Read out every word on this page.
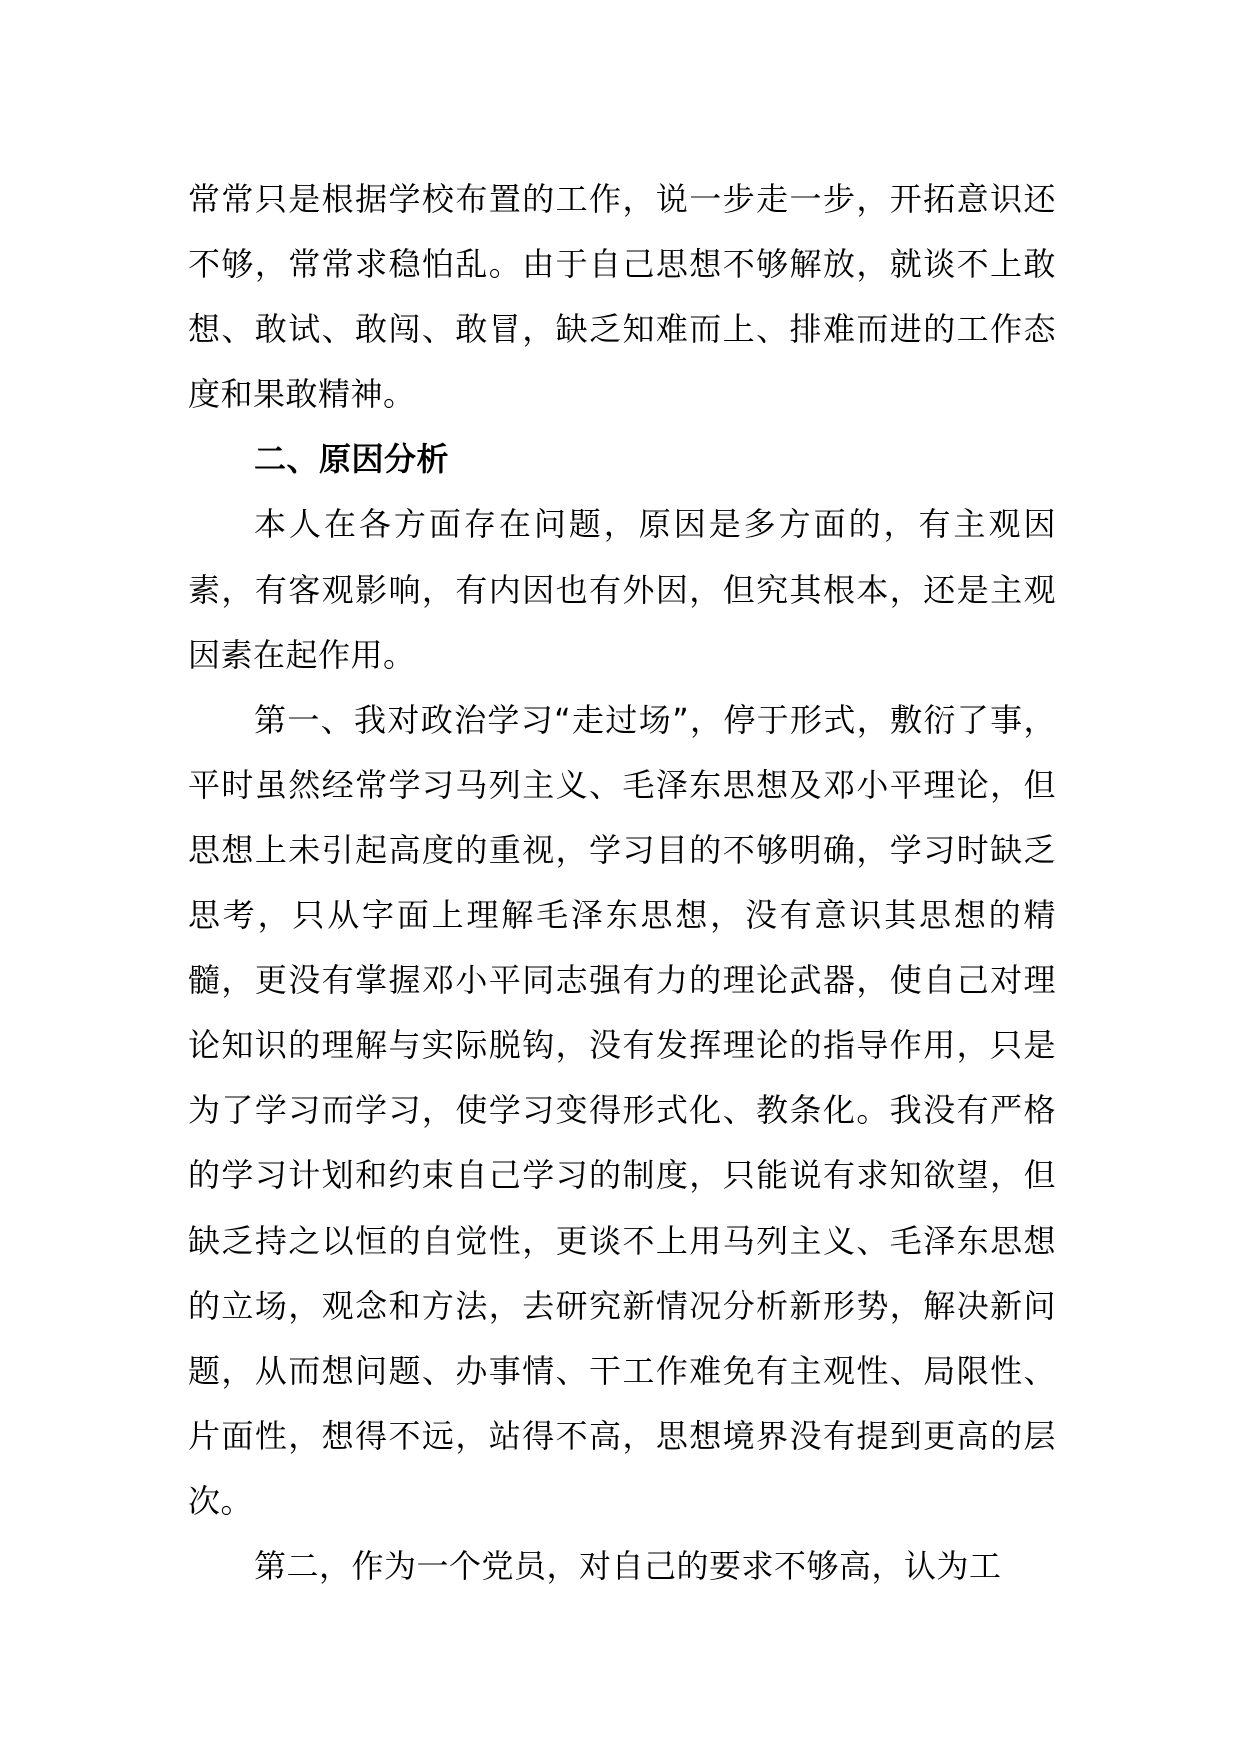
常常只是根据学校布置的工作，说一步走一步，开拓意识还不够，常常求稳怕乱。由于自己思想不够解放，就谈不上敢想、敢试、敢闯、敢冒，缺乏知难而上、排难而进的工作态度和果敢精神。

二、原因分析

本人在各方面存在问题，原因是多方面的，有主观因素，有客观影响，有内因也有外因，但究其根本，还是主观因素在起作用。

第一、我对政治学习“走过场”，停于形式，敷衍了事，平时虽然经常学习马列主义、毛泽东思想及邓小平理论，但思想上未引起高度的重视，学习目的不够明确，学习时缺乏思考，只从字面上理解毛泽东思想，没有意识其思想的精髓，更没有掌握邓小平同志强有力的理论武器，使自己对理论知识的理解与实际脱钩，没有发挥理论的指导作用，只是为了学习而学习，使学习变得形式化、教条化。我没有严格的学习计划和约束自己学习的制度，只能说有求知欲望，但缺乏持之以恒的自觉性，更谈不上用马列主义、毛泽东思想的立场，观念和方法，去研究新情况分析新形势，解决新问题，从而想问题、办事情、干工作难免有主观性、局限性、片面性，想得不远，站得不高，思想境界没有提到更高的层次。

第二，作为一个党员，对自己的要求不够高，认为工
